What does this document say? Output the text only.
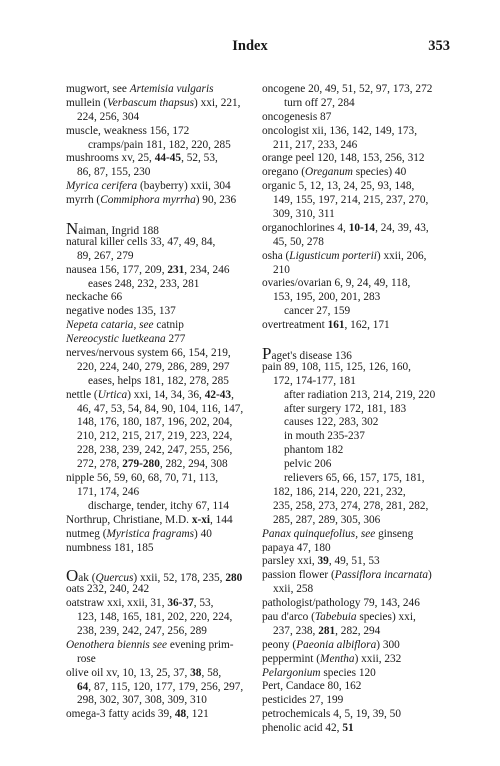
Index	353
mugwort, see Artemisia vulgaris
mullein (Verbascum thapsus) xxi, 221,
224, 256, 304
muscle, weakness 156, 172
cramps/pain 181, 182, 220, 285
mushrooms xv, 25, 44-45, 52, 53,
86, 87, 155, 230
Myrica cerifera (bayberry) xxii, 304
myrrh (Commiphora myrrha) 90, 236
Naiman, Ingrid 188
natural killer cells 33, 47, 49, 84,
89, 267, 279
nausea 156, 177, 209, 231, 234, 246
eases 248, 232, 233, 281
neckache 66
negative nodes 135, 137
Nepeta cataria, see catnip
Nereocystic luetkeana 277
nerves/nervous system 66, 154, 219,
220, 224, 240, 279, 286, 289, 297
eases, helps 181, 182, 278, 285
nettle (Urtica) xxi, 14, 34, 36, 42-43,
46, 47, 53, 54, 84, 90, 104, 116, 147,
148, 176, 180, 187, 196, 202, 204,
210, 212, 215, 217, 219, 223, 224,
228, 238, 239, 242, 247, 255, 256,
272, 278, 279-280, 282, 294, 308
nipple 56, 59, 60, 68, 70, 71, 113,
171, 174, 246
discharge, tender, itchy 67, 114
Northrup, Christiane, M.D. x-xi, 144
nutmeg (Myristica fragrams) 40
numbness 181, 185
Oak (Quercus) xxii, 52, 178, 235, 280
oats 232, 240, 242
oatstraw xxi, xxii, 31, 36-37, 53,
123, 148, 165, 181, 202, 220, 224,
238, 239, 242, 247, 256, 289
Oenothera biennis see evening prim-
rose
olive oil xv, 10, 13, 25, 37, 38, 58,
64, 87, 115, 120, 177, 179, 256, 297,
298, 302, 307, 308, 309, 310
omega-3 fatty acids 39, 48, 121
oncogene 20, 49, 51, 52, 97, 173, 272
turn off 27, 284
oncogenesis 87
oncologist xii, 136, 142, 149, 173,
211, 217, 233, 246
orange peel 120, 148, 153, 256, 312
oregano (Oreganum species) 40
organic 5, 12, 13, 24, 25, 93, 148,
149, 155, 197, 214, 215, 237, 270,
309, 310, 311
organochlorines 4, 10-14, 24, 39, 43,
45, 50, 278
osha (Ligusticum porterii) xxii, 206,
210
ovaries/ovarian 6, 9, 24, 49, 118,
153, 195, 200, 201, 283
cancer 27, 159
overtreatment 161, 162, 171
Paget's disease 136
pain 89, 108, 115, 125, 126, 160,
172, 174-177, 181
after radiation 213, 214, 219, 220
after surgery 172, 181, 183
causes 122, 283, 302
in mouth 235-237
phantom 182
pelvic 206
relievers 65, 66, 157, 175, 181,
182, 186, 214, 220, 221, 232,
235, 258, 273, 274, 278, 281, 282,
285, 287, 289, 305, 306
Panax quinquefolius, see ginseng
papaya 47, 180
parsley xxi, 39, 49, 51, 53
passion flower (Passiflora incarnata)
xxii, 258
pathologist/pathology 79, 143, 246
pau d'arco (Tabebuia species) xxi,
237, 238, 281, 282, 294
peony (Paeonia albiflora) 300
peppermint (Mentha) xxii, 232
Pelargonium species 120
Pert, Candace 80, 162
pesticides 27, 199
petrochemicals 4, 5, 19, 39, 50
phenolic acid 42, 51
